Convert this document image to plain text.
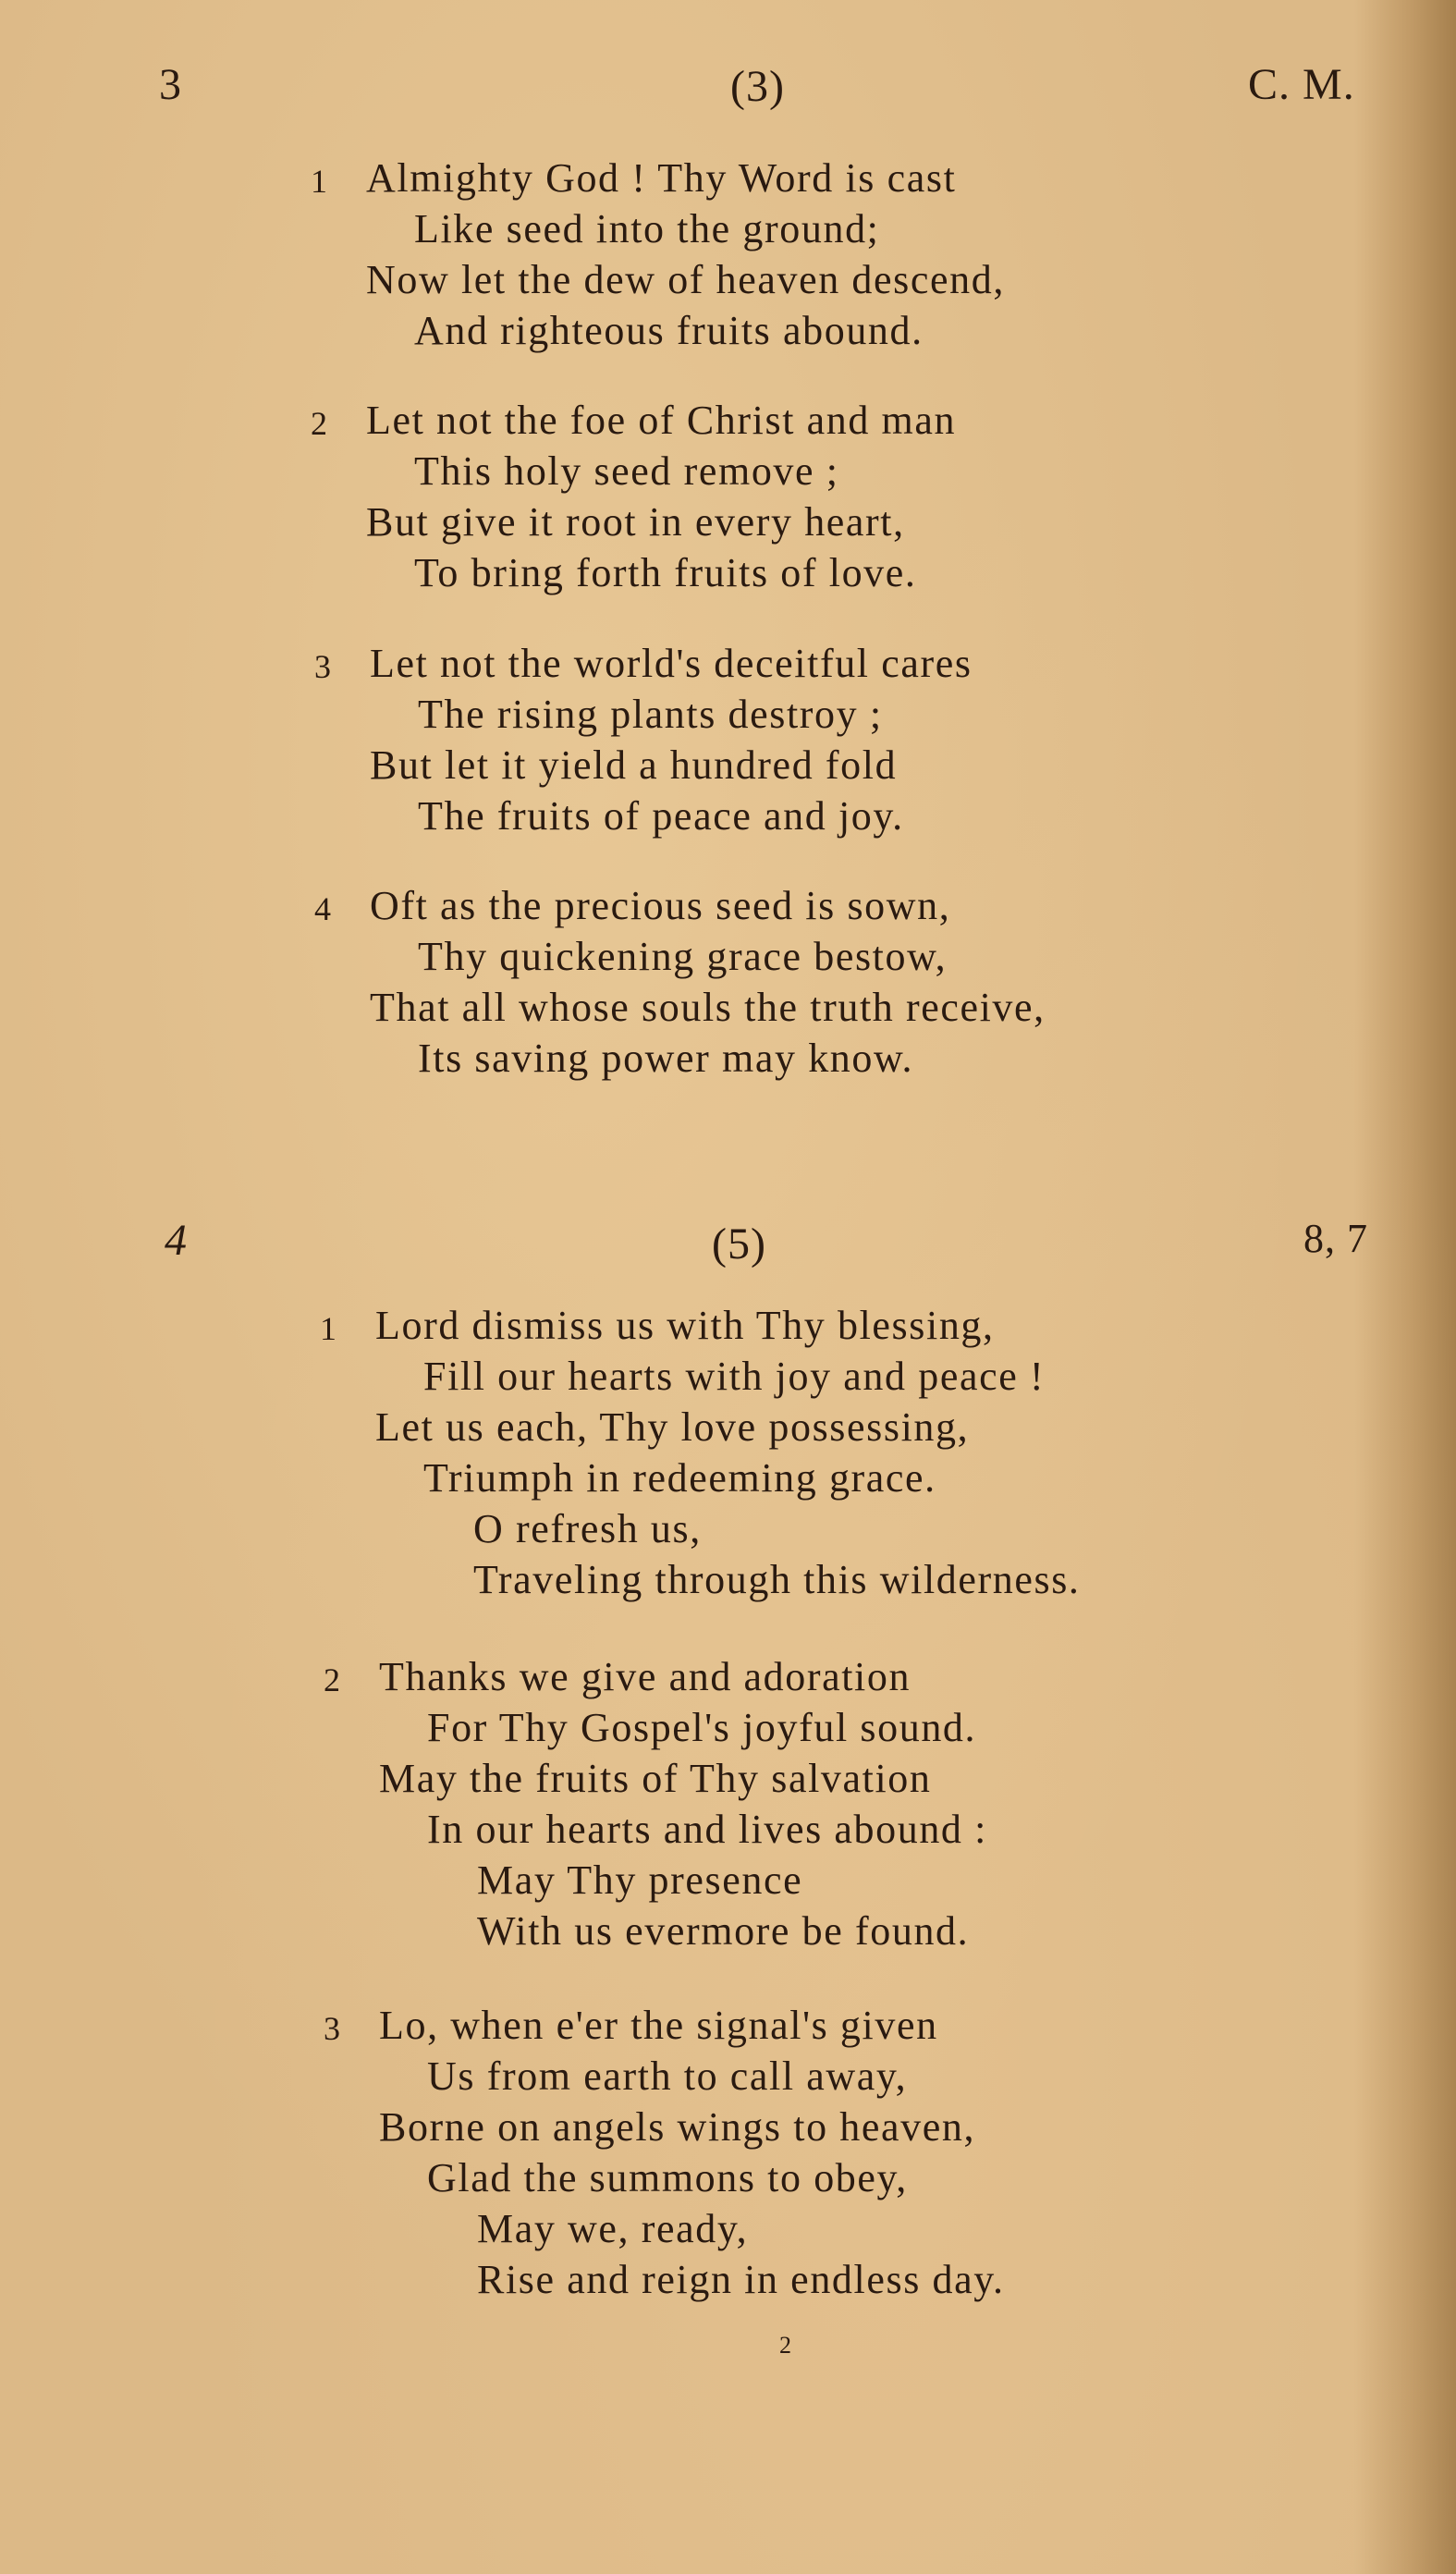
3	(3)	C. M.
1 Almighty God ! Thy Word is cast
Like seed into the ground;
Now let the dew of heaven descend,
And righteous fruits abound.
2 Let not the foe of Christ and man
This holy seed remove ;
But give it root in every heart,
To bring forth fruits of love.
3 Let not the world's deceitful cares
The rising plants destroy ;
But let it yield a hundred fold
The fruits of peace and joy.
4 Oft as the precious seed is sown,
Thy quickening grace bestow,
That all whose souls the truth receive,
Its saving power may know.
4	(5)	8, 7
1 Lord dismiss us with Thy blessing,
Fill our hearts with joy and peace !
Let us each, Thy love possessing,
Triumph in redeeming grace.
O refresh us,
Traveling through this wilderness.
2 Thanks we give and adoration
For Thy Gospel's joyful sound.
May the fruits of Thy salvation
In our hearts and lives abound :
May Thy presence
With us evermore be found.
3 Lo, when e'er the signal's given
Us from earth to call away,
Borne on angels wings to heaven,
Glad the summons to obey,
May we, ready,
Rise and reign in endless day.
2
